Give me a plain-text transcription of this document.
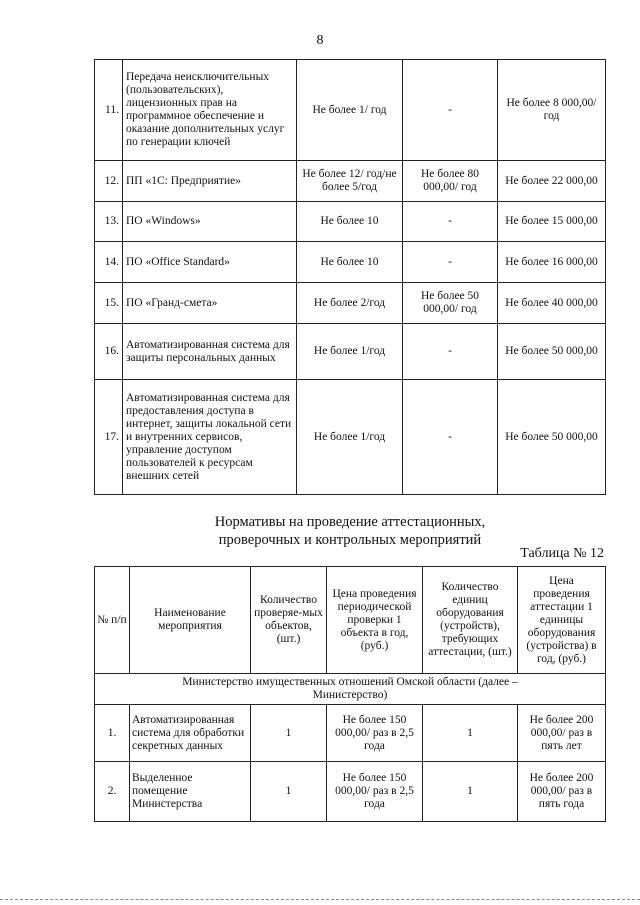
8
11.	Передача неисключительных (пользовательских), лицензионных прав на программное обеспечение и оказание дополнительных услуг по генерации ключей	Не более 1/ год	-	Не более 8 000,00/год
12.	ПП «1С: Предприятие»	Не более 12/ год/не более 5/год	Не более 80 000,00/ год	Не более 22 000,00
13.	ПО «Windows»	Не более 10	-	Не более 15 000,00
14.	ПО «Office Standard»	Не более 10	-	Не более 16 000,00
15.	ПО «Гранд-смета»	Не более 2/год	Не более 50 000,00/ год	Не более 40 000,00
16.	Автоматизированная система для защиты персональных данных	Не более 1/год	-	Не более 50 000,00
17.	Автоматизированная система для предоставления доступа в интернет, защиты локальной сети и внутренних сервисов, управление доступом пользователей к ресурсам внешних сетей	Не более 1/год	-	Не более 50 000,00
Нормативы на проведение аттестационных,
проверочных и контрольных мероприятий
Таблица № 12
№ п/п	Наименование мероприятия	Количество проверяе-мых объектов, (шт.)	Цена проведения периодической проверки 1 объекта в год, (руб.)	Количество единиц оборудования (устройств), требующих аттестации, (шт.)	Цена проведения аттестации 1 единицы оборудования (устройства) в год, (руб.)
Министерство имущественных отношений Омской области (далее – Министерство)					
1.	Автоматизированная система для обработки секретных данных	1	Не более 150 000,00/ раз в 2,5 года	1	Не более 200 000,00/ раз в пять лет
2.	Выделенное помещение Министерства	1	Не более 150 000,00/ раз в 2,5 года	1	Не более 200 000,00/ раз в пять года
